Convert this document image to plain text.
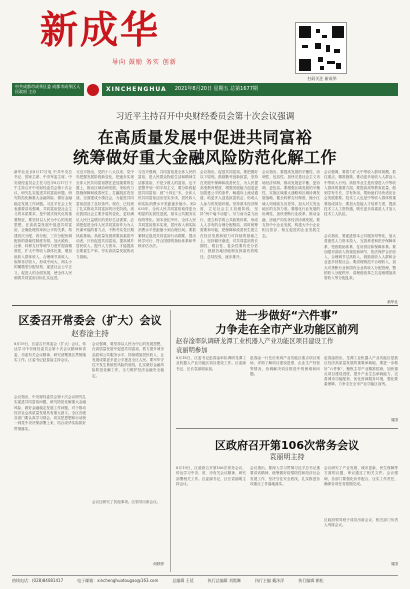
新成华
导向 鼓励 务实 创新
扫码关注 新成华
中共成都市成华区委 成都市成华区人民政府 主办	XINCHENGHUA	2021年8月20日 星期五 总第1677期
习近平主持召开中央财经委员会第十次会议强调
在高质量发展中促进共同富裕
统筹做好重大金融风险防范化解工作
新华社北京8月17日电 中共中央总书记、国家主席、中央军委主席、中央财经委员会主任习近平8月17日下午主持召开中央财经委员会第十次会议，研究扎实促进共同富裕问题，研究防范化解重大金融风险、做好金融稳定发展工作问题。习近平在会上发表重要讲话强调，共同富裕是社会主义的本质要求，是中国式现代化的重要特征，要坚持以人民为中心的发展思想，在高质量发展中促进共同富裕，正确处理效率和公平的关系，构建初次分配、再分配、三次分配协调配套的基础性制度安排，加大税收、社保、转移支付等调节力度并提高精准性，扩大中等收入群体比重，增加低收入群体收入，合理调节高收入，取缔非法收入，形成中间大、两头小的橄榄型分配结构，促进社会公平正义，促进人的全面发展，使全体人民朝着共同富裕目标扎实迈进。
习近平指出，党的十八大以来，党中央把握发展阶段新变化，把逐步实现全体人民共同富裕摆在更加重要的位置上，推动区域协调发展，采取有力措施保障和改善民生，打赢脱贫攻坚战，全面建成小康社会，为促进共同富裕创造了良好条件。现在，已经到了扎实推动共同富裕的历史阶段。适应我国社会主要矛盾的变化，更好满足人民日益增长的美好生活需要，必须把促进全体人民共同富裕作为为人民谋幸福的着力点，不断夯实党长期执政基础。高质量发展需要高素质劳动者，只有促进共同富裕，提高城乡居民收入，提升人力资本，才能提高全要素生产率，夯实高质量发展的动力基础。
习近平强调，共同富裕是全体人民的富裕，是人民群众物质生活和精神生活都富裕，不是少数人的富裕，也不是整齐划一的平均主义，要分阶段促进共同富裕：到“十四五”末，全体人民共同富裕迈出坚实步伐，居民收入和实际消费水平差距逐步缩小。到2035年，全体人民共同富裕取得更为明显的实质性进展，基本公共服务实现均等化。到本世纪中叶，全体人民共同富裕基本实现，居民收入和实际消费水平差距缩小到合理区间。要抓紧制定促进共同富裕行动纲要，提出科学可行、符合国情的指标体系和考核评估办法。
会议指出，促进共同富裕，要把握好以下原则。鼓励勤劳创新致富，坚持在发展中保障和改善民生，为人民提高受教育程度、增强发展能力创造更加普惠公平的条件，畅通向上流动通道，给更多人创造致富机会，形成人人参与的发展环境。坚持基本经济制度，立足社会主义初级阶段，坚持“两个毫不动摇”。尽力而为量力而行，建立科学的公共政策体系，形成人人享有的合理分配格局，同时统筹需要和可能，把保障和改善民生建立在经济发展和财力可持续的基础之上。坚持循序渐进，对共同富裕的长期性、艰巨性、复杂性要有充分估计，鼓励各地因地制宜探索有效路径，总结经验，逐步推开。
会议指出，要提高发展的平衡性、协调性、包容性，加快完善社会主义市场经济体制，推动发展更平衡、更协调、更包容。要增强区域发展的平衡性，实施区域重大战略和区域协调发展战略，健全转移支付制度，缩小区域人均财政支出差异，加大对欠发达地区的支持力度。要强化行业发展的协调性，加快垄断行业改革，推动金融、房地产同实体经济协调发展。要支持中小企业发展，构建大中小企业相互依存、相互促进的企业发展生态。
会议强调，要着力扩大中等收入群体规模，抓住重点、精准施策，推动更多低收入人群迈入中等收入行列。高校毕业生是有望进入中等收入群体的重要方面，要提高高等教育质量，做到学有专长、学有所用，帮助他们尽快适应社会发展需要。技术工人也是中等收入群体的重要组成部分，要加大技能人才培养力度，提高技术工人工资待遇，吸引更多高素质人才加入技术工人队伍。
会议指出，要促进基本公共服务均等化，加大普惠性人力资本投入，完善养老和医疗保障体系、兜底救助体系、住房供应和保障体系。要加强对高收入的规范和调节，依法保护合法收入，合理调节过高收入，鼓励高收入人群和企业更多回报社会。要清理规范不合理收入，加大对垄断行业和国有企业的收入分配管理，整顿收入分配秩序，清理借改革之名变相增加高管收入等分配乱象。
新华社
区委召开常委会（扩大）会议
赵春淦主持
8月19日，区委召开常委会（扩大）会议，传达学习中央财经委员会第十次会议精神和省委、市委有关会议精神，研究部署我区贯彻落实工作。区委书记赵春淦主持会议。
会议指出，中央财经委员会第十次会议研究扎实促进共同富裕问题，研究防范化解重大金融风险、做好金融稳定发展工作问题，对于推动经济社会高质量发展具有重大意义。全区各级各部门要认真学习领会，切实把思想和行动统一到党中央决策部署上来，结合成华实际抓好贯彻落实。
会议强调，要坚持以人民为中心的发展思想，在高质量发展中促进共同富裕，着力提升城市品质和公共服务水平，持续增加居民收入，让发展成果更多更公平惠及全区人民。要牢牢守住不发生系统性风险的底线，扎实做好金融风险防范化解工作，全力维护经济金融安全稳定。
会议还研究了其他事项。区领导出席会议。
何婷婷
进一步做好“六件事”
力争走在全市产业功能区前列
赵春淦率队调研龙潭工业机器人产业功能区项目建设工作
袁丽明参加
8月18日，区委书记赵春淦率队调研龙潭工业机器人产业功能区项目建设工作。区委副书记、区长袁丽明参加。
赵春淦一行先后来到产业功能区重点项目现场，详细了解项目建设进度、企业生产经营等情况，协调解决项目推进中的困难和问题。
赵春淦指出，龙潭工业机器人产业功能区是我区经济高质量发展的重要承载地，要进一步做好“六件事”，聚焦主导产业精准招商，加快重点项目建设进度，提升产业生态承载能力，完善城市功能配套，优化营商服务环境，强化要素保障，力争走在全市产业功能区前列。
周国
区政府召开第106次常务会议
袁丽明主持
8月19日，区政府召开第106次常务会议，传达学习中央、省、市有关会议精神，研究部署相关工作。区委副书记、区长袁丽明主持会议。
会议指出，要深入学习贯彻习近平总书记重要讲话精神，统筹做好疫情防控和经济社会发展工作，坚决守住安全底线，扎实推进各项重点工作落地落实。
会议研究了产业发展、城市更新、民生保障等方面的议题，审议通过了相关文件。会议强调，各部门要强化协作配合，压实工作责任，确保各项任务按期完成。
区政府领导班子成员出席会议，相关部门负责人列席会议。
周国
热线电话：(028)84081417	电子邮箱：xinchenghuatougao@163.com	总编辑 王延	执行总编辑 刘霞琳	执行主编 戴沐洋	执行编辑 朝松
